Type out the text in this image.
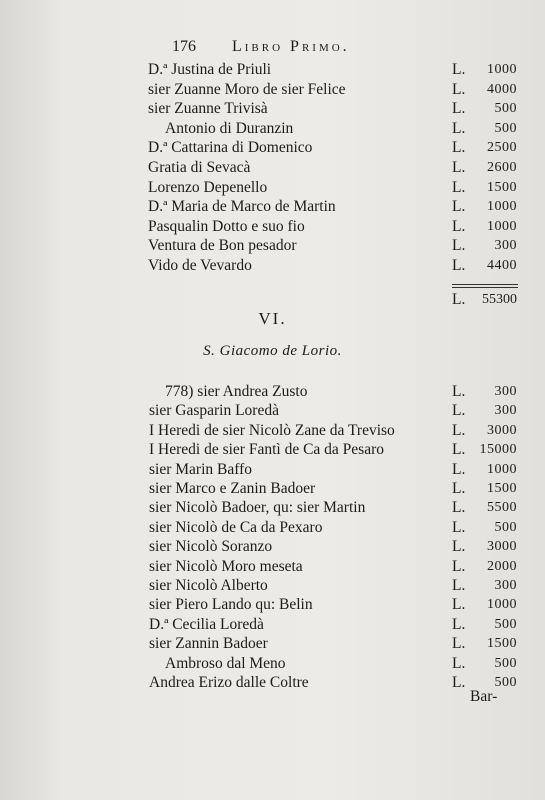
176 Libro Primo.
D.ª Justina de Priuli	L. 1000
sier Zuanne Moro de sier Felice	L. 4000
sier Zuanne Trivisà	L. 500
Antonio di Duranzin	L. 500
D.ª Cattarina di Domenico	L. 2500
Gratia di Sevacà	L. 2600
Lorenzo Depenello	L. 1500
D.ª Maria de Marco de Martin	L. 1000
Pasqualin Dotto e suo fio	L. 1000
Ventura de Bon pesador	L. 300
Vido de Vevardo	L. 4400
L. 55300
VI.
S. Giacomo de Lorio.
778) sier Andrea Zusto	L. 300
sier Gasparin Loredà	L. 300
I Heredi de sier Nicolò Zane da Treviso	L. 3000
I Heredi de sier Fantì de Ca da Pesaro	L. 15000
sier Marin Baffo	L. 1000
sier Marco e Zanin Badoer	L. 1500
sier Nicolò Badoer, qu: sier Martin	L. 5500
sier Nicolò de Ca da Pexaro	L. 500
sier Nicolò Soranzo	L. 3000
sier Nicolò Moro meseta	L. 2000
sier Nicolò Alberto	L. 300
sier Piero Lando qu: Belin	L. 1000
D.ª Cecilia Loredà	L. 500
sier Zannin Badoer	L. 1500
Ambroso dal Meno	L. 500
Andrea Erizo dalle Coltre	L. 500
Bar-
